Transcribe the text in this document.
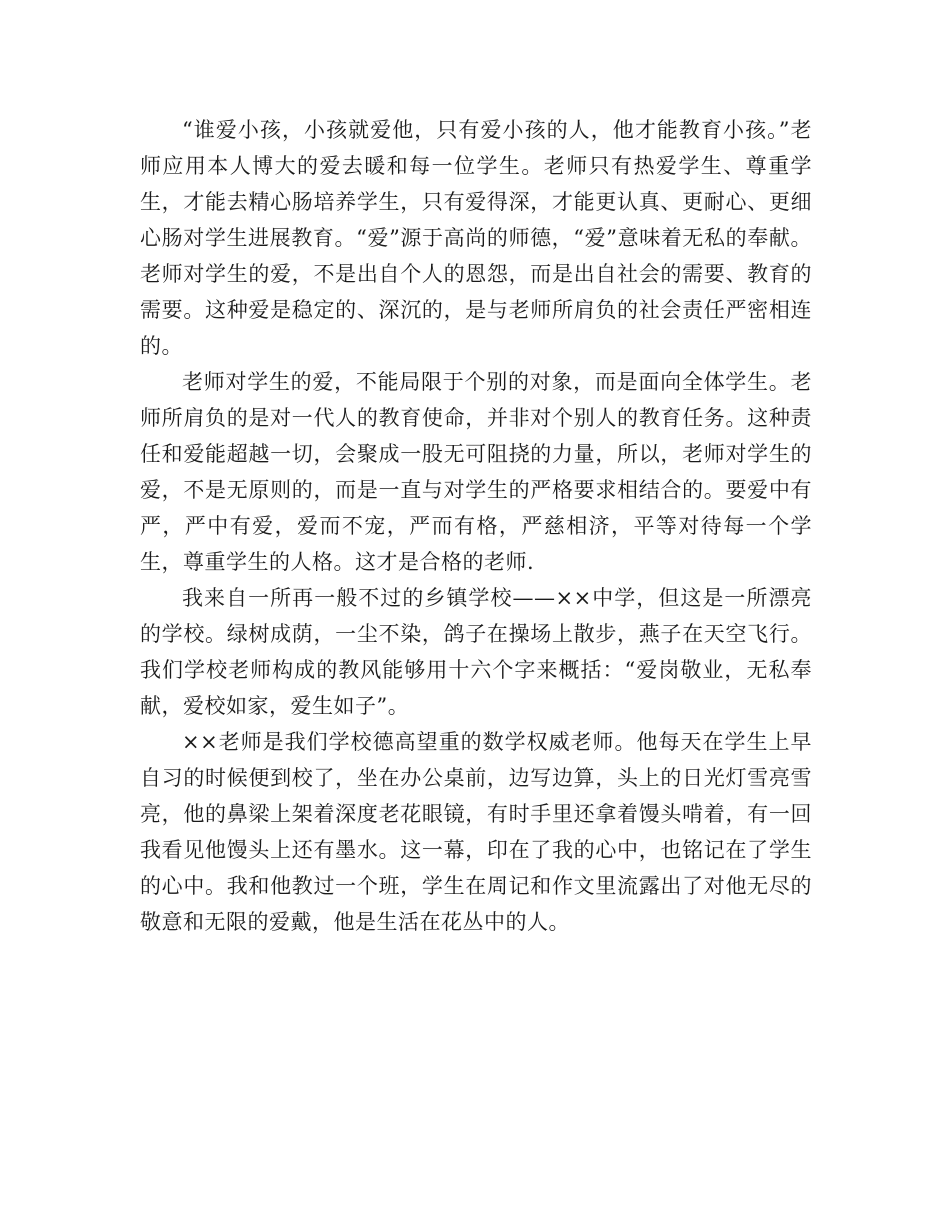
“谁爱小孩，小孩就爱他，只有爱小孩的人，他才能教育小孩。”老师应用本人博大的爱去暖和每一位学生。老师只有热爱学生、尊重学生，才能去精心肠培养学生，只有爱得深，才能更认真、更耐心、更细心肠对学生进展教育。“爱”源于高尚的师德，“爱”意味着无私的奉献。老师对学生的爱，不是出自个人的恩怨，而是出自社会的需要、教育的需要。这种爱是稳定的、深沉的，是与老师所肩负的社会责任严密相连的。

老师对学生的爱，不能局限于个别的对象，而是面向全体学生。老师所肩负的是对一代人的教育使命，并非对个别人的教育任务。这种责任和爱能超越一切，会聚成一股无可阻挠的力量，所以，老师对学生的爱，不是无原则的，而是一直与对学生的严格要求相结合的。要爱中有严，严中有爱，爱而不宠，严而有格，严慈相济，平等对待每一个学生，尊重学生的人格。这才是合格的老师.

我来自一所再一般不过的乡镇学校——××中学，但这是一所漂亮的学校。绿树成荫，一尘不染，鸽子在操场上散步，燕子在天空飞行。我们学校老师构成的教风能够用十六个字来概括：“爱岗敬业，无私奉献，爱校如家，爱生如子”。

××老师是我们学校德高望重的数学权威老师。他每天在学生上早自习的时候便到校了，坐在办公桌前，边写边算，头上的日光灯雪亮雪亮，他的鼻梁上架着深度老花眼镜，有时手里还拿着馒头啃着，有一回我看见他馒头上还有墨水。这一幕，印在了我的心中，也铭记在了学生的心中。我和他教过一个班，学生在周记和作文里流露出了对他无尽的敬意和无限的爱戴，他是生活在花丛中的人。
